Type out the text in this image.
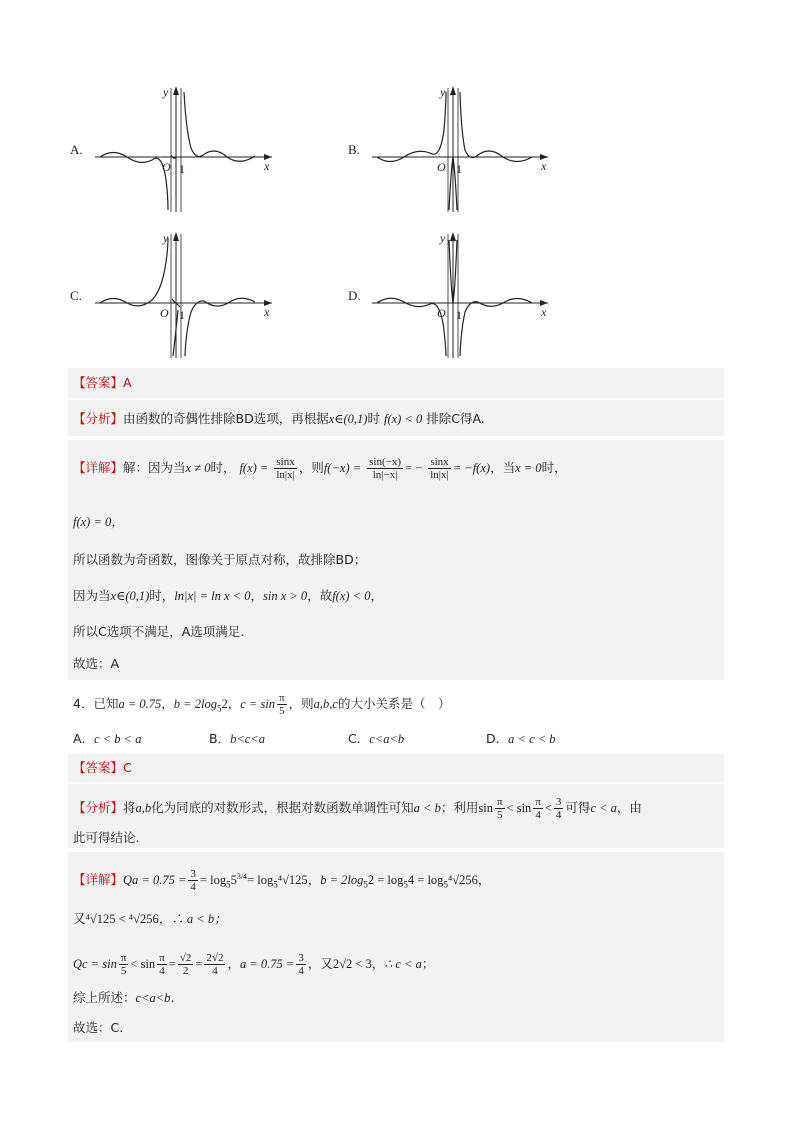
A.
y
x
O 1
B.
y
x
O 1
C.
y
x
O 1
D.
y
x
O 1
【答案】A
【分析】由函数的奇偶性排除BD选项，再根据x∈(0,1)时 f(x) < 0 排除C得A.
【详解】解：因为当x ≠ 0时， $f(x) = \frac{\sin x}{\ln|x|}$ ，则$f(-x) = \frac{\sin(-x)}{\ln|-x|}$ = − $\frac{\sin x}{\ln|x|} = -f(x)$，当x = 0时，
f(x) = 0，
所以函数为奇函数，图像关于原点对称，故排除BD；
因为当x∈(0,1)时，ln|x| = ln x < 0，sin x > 0，故f(x) < 0，
所以C选项不满足，A选项满足.
故选：A
4．已知a = 0.75，$b = 2\log_52$，$c = \sin \frac{\pi}{5}$ ，则a,b,c的大小关系是（　）
A．c < b < a	B．b<c<a	C．c<a<b	D．a < c < b
【答案】C
【分析】将a,b化为同底的对数形式，根据对数函数单调性可知a < b；利用$\sin \frac{\pi}{5} < \sin \frac{\pi}{4} < \frac{3}{4}$ 可得c < a，由
此可得结论.
【详解】$Qa = 0.75 = \frac{3}{4} = \log_55^{3/4}= \log_5^4√125$，$b = 2\log_52 = \log_54 = \log_5^4√256$，
又⁴√125 < ⁴√256，∴ a < b；
$Qc = \sin \frac{\pi}{5} < \sin \frac{\pi}{4} = \frac{√2}{2} = \frac{2√2}{4}$ ，$a = 0.75 = \frac{3}{4}$ ，又2√2 < 3，∴ c < a；
综上所述：c<a<b.
故选：C.
